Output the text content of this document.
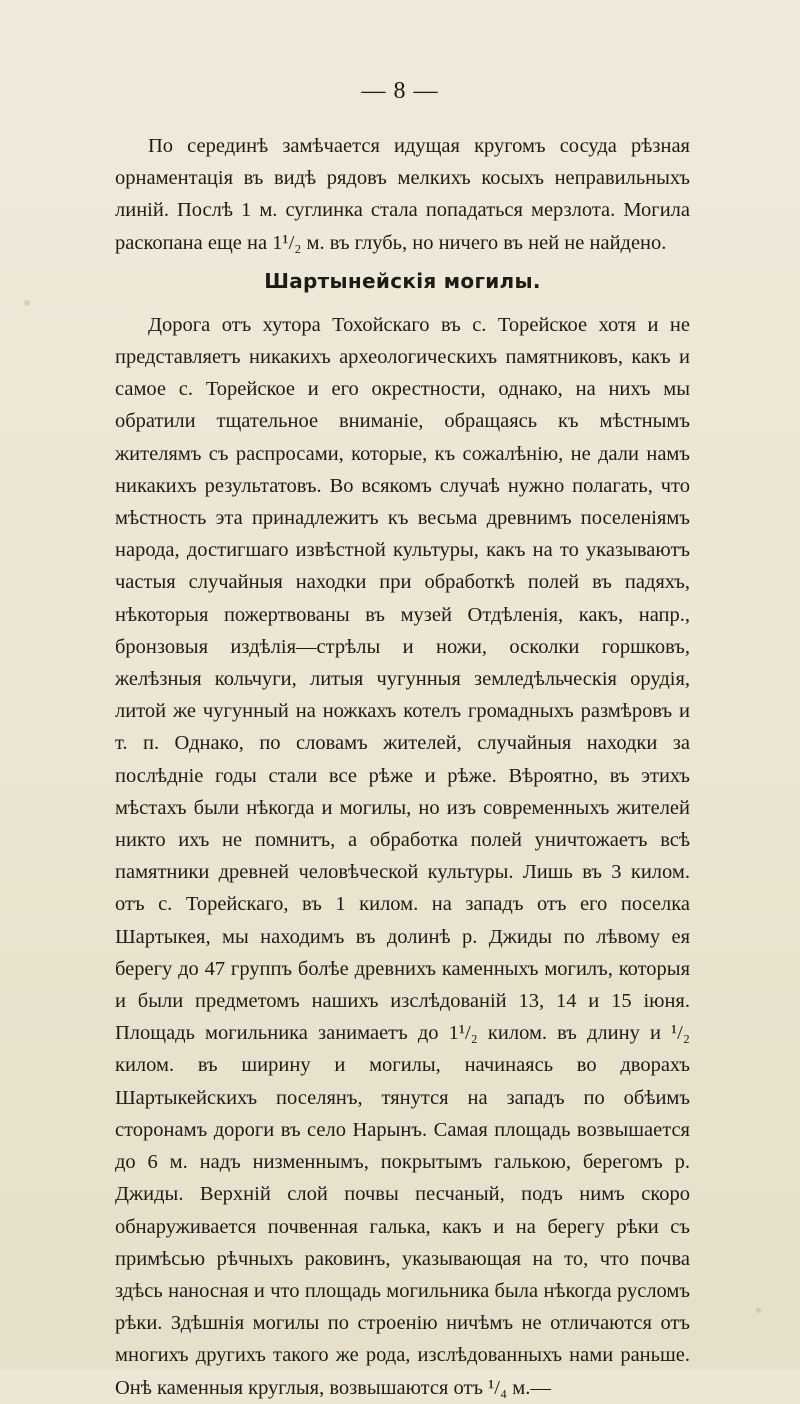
— 8 —

По серединѣ замѣчается идущая кругомъ сосуда рѣзная орнаментація въ видѣ рядовъ мелкихъ косыхъ неправильныхъ линій. Послѣ 1 м. суглинка стала попадаться мерзлота. Могила раскопана еще на 1¹/₂ м. въ глубь, но ничего въ ней не найдено.

Шартынейскія могилы.

Дорога отъ хутора Тохойскаго въ с. Торейское хотя и не представляетъ никакихъ археологическихъ памятниковъ, какъ и самое с. Торейское и его окрестности, однако, на нихъ мы обратили тщательное вниманіе, обращаясь къ мѣстнымъ жителямъ съ распросами, которые, къ сожалѣнію, не дали намъ никакихъ результатовъ. Во всякомъ случаѣ нужно полагать, что мѣстность эта принадлежитъ къ весьма древнимъ поселеніямъ народа, достигшаго извѣстной культуры, какъ на то указываютъ частыя случайныя находки при обработкѣ полей въ падяхъ, нѣкоторыя пожертвованы въ музей Отдѣленія, какъ, напр., бронзовыя издѣлія—стрѣлы и ножи, осколки горшковъ, желѣзныя кольчуги, литыя чугунныя земледѣльческія орудія, литой же чугунный на ножкахъ котелъ громадныхъ размѣровъ и т. п. Однако, по словамъ жителей, случайныя находки за послѣдніе годы стали все рѣже и рѣже. Вѣроятно, въ этихъ мѣстахъ были нѣкогда и могилы, но изъ современныхъ жителей никто ихъ не помнитъ, а обработка полей уничтожаетъ всѣ памятники древней человѣческой культуры. Лишь въ 3 килом. отъ с. Торейскаго, въ 1 килом. на западъ отъ его поселка Шартыкея, мы находимъ въ долинѣ р. Джиды по лѣвому ея берегу до 47 группъ болѣе древнихъ каменныхъ могилъ, которыя и были предметомъ нашихъ изслѣдованій 13, 14 и 15 іюня. Площадь могильника занимаетъ до 1¹/₂ килом. въ длину и ¹/₂ килом. въ ширину и могилы, начинаясь во дворахъ Шартыкейскихъ поселянъ, тянутся на западъ по обѣимъ сторонамъ дороги въ село Нарынъ. Самая площадь возвышается до 6 м. надъ низменнымъ, покрытымъ галькою, берегомъ р. Джиды. Верхній слой почвы песчаный, подъ нимъ скоро обнаруживается почвенная галька, какъ и на берегу рѣки съ примѣсью рѣчныхъ раковинъ, указывающая на то, что почва здѣсь наносная и что площадь могильника была нѣкогда русломъ рѣки. Здѣшнія могилы по строенію ничѣмъ не отличаются отъ многихъ другихъ такого же рода, изслѣдованныхъ нами раньше. Онѣ каменныя круглыя, возвышаются отъ ¹/₄ м.—
